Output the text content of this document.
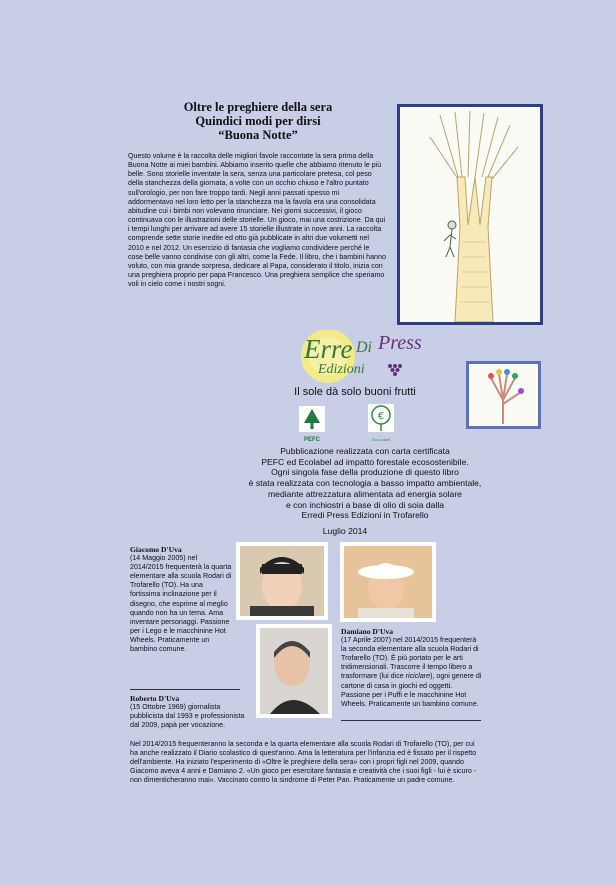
Oltre le preghiere della sera
Quindici modi per dirsi
“Buona Notte”

Questo volume è la raccolta delle migliori favole raccontate la sera prima della Buona Notte ai miei bambini. Abbiamo inserito quelle che abbiamo ritenuto le più belle. Sono storielle inventate la sera, senza una particolare pretesa, col peso della stanchezza della giornata, a volte con un occhio chiuso e l'altro puntato sull'orologio, per non fare troppo tardi. Negli anni passati spesso mi addormentavo nel loro letto per la stanchezza ma la favola era una consolidata abitudine cui i bimbi non volevano rinunciare. Nei giorni successivi, il gioco continuava con le illustrazioni delle storielle. Un gioco, mai una costrizione. Da qui i tempi lunghi per arrivare ad avere 15 storielle illustrate in nove anni. La raccolta comprende sette storie inedite ed otto già pubblicate in altri due volumetti nel 2010 e nel 2012. Un esercizio di fantasia che vogliamo condividere perché le cose belle vanno condivise con gli altri, come la Fede. Il libro, che i bambini hanno voluto, con mia grande sorpresa, dedicare al Papa, considerato il titolo, inizia con una preghiera proprio per papa Francesco. Una preghiera semplice che speriamo voli in cielo come i nostri sogni.

Erre Di Press
Edizioni
Il sole dà solo buoni frutti
PEFC
€
Eco Label
Pubblicazione realizzata con carta certificata
PEFC ed Ecolabel ad impatto forestale ecosostenibile.
Ogni singola fase della produzione di questo libro
è stata realizzata con tecnologia a basso impatto ambientale,
mediante attrezzatura alimentata ad energia solare
e con inchiostri a base di olio di soia dalla
Erredi Press Edizioni in Trofarello
Luglio 2014
Giacomo D'Uva
(14 Maggio 2005) nel 2014/2015 frequenterà la quarta elementare alla scuola Rodari di Trofarello (TO). Ha una fortissima inclinazione per il disegno, che esprime al meglio quando non ha un tema. Ama inventare personaggi. Passione per i Lego e le macchinine Hot Wheels. Praticamente un bambino comune.
Damiano D'Uva
(17 Aprile 2007) nel 2014/2015 frequenterà la seconda elementare alla scuola Rodari di Trofarello (TO). È più portato per le arti tridimensionali. Trascorre il tempo libero a trasformare (lui dice riciclare), ogni genere di cartone di casa in giochi ed oggetti. Passione per i Puffi e le macchinine Hot Wheels. Praticamente un bambino comune.
Roberto D'Uva
(15 Ottobre 1969) giornalista pubblicista dal 1993 e professionista dal 2009, papà per vocazione.
Nel 2014/2015 frequenteranno la seconda e la quarta elementare alla scuola Rodari di Trofarello (TO), per cui ha anche realizzato il Diario scolastico di quest'anno. Ama la letteratura per l'infanzia ed è fissato per il rispetto dell'ambiente. Ha iniziato l'esperimento di «Oltre le preghiere della sera» con i propri figli nel 2009, quando Giacomo aveva 4 anni e Damiano 2. «Un gioco per esercitare fantasia e creatività che i suoi figli - lui è sicuro - non dimenticheranno mai». Vaccinato contro la sindrome di Peter Pan. Praticamente un padre comune.
